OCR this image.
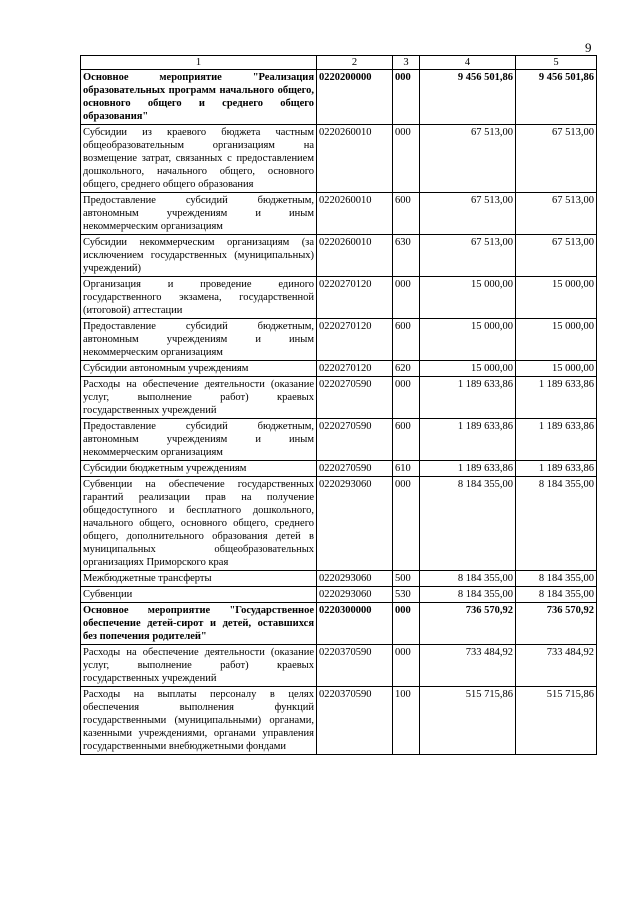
9
1	2	3	4	5
Основное мероприятие "Реализация образовательных программ начального общего, основного общего и среднего общего образования"	0220200000	000	9 456 501,86	9 456 501,86
Субсидии из краевого бюджета частным общеобразовательным организациям на возмещение затрат, связанных с предоставлением дошкольного, начального общего, основного общего, среднего общего образования	0220260010	000	67 513,00	67 513,00
Предоставление субсидий бюджетным, автономным учреждениям и иным некоммерческим организациям	0220260010	600	67 513,00	67 513,00
Субсидии некоммерческим организациям (за исключением государственных (муниципальных) учреждений)	0220260010	630	67 513,00	67 513,00
Организация и проведение единого государственного экзамена, государственной (итоговой) аттестации	0220270120	000	15 000,00	15 000,00
Предоставление субсидий бюджетным, автономным учреждениям и иным некоммерческим организациям	0220270120	600	15 000,00	15 000,00
Субсидии автономным учреждениям	0220270120	620	15 000,00	15 000,00
Расходы на обеспечение деятельности (оказание услуг, выполнение работ) краевых государственных учреждений	0220270590	000	1 189 633,86	1 189 633,86
Предоставление субсидий бюджетным, автономным учреждениям и иным некоммерческим организациям	0220270590	600	1 189 633,86	1 189 633,86
Субсидии бюджетным учреждениям	0220270590	610	1 189 633,86	1 189 633,86
Субвенции на обеспечение государственных гарантий реализации прав на получение общедоступного и бесплатного дошкольного, начального общего, основного общего, среднего общего, дополнительного образования детей в муниципальных общеобразовательных организациях Приморского края	0220293060	000	8 184 355,00	8 184 355,00
Межбюджетные трансферты	0220293060	500	8 184 355,00	8 184 355,00
Субвенции	0220293060	530	8 184 355,00	8 184 355,00
Основное мероприятие "Государственное обеспечение детей-сирот и детей, оставшихся без попечения родителей"	0220300000	000	736 570,92	736 570,92
Расходы на обеспечение деятельности (оказание услуг, выполнение работ) краевых государственных учреждений	0220370590	000	733 484,92	733 484,92
Расходы на выплаты персоналу в целях обеспечения выполнения функций государственными (муниципальными) органами, казенными учреждениями, органами управления государственными внебюджетными фондами	0220370590	100	515 715,86	515 715,86
